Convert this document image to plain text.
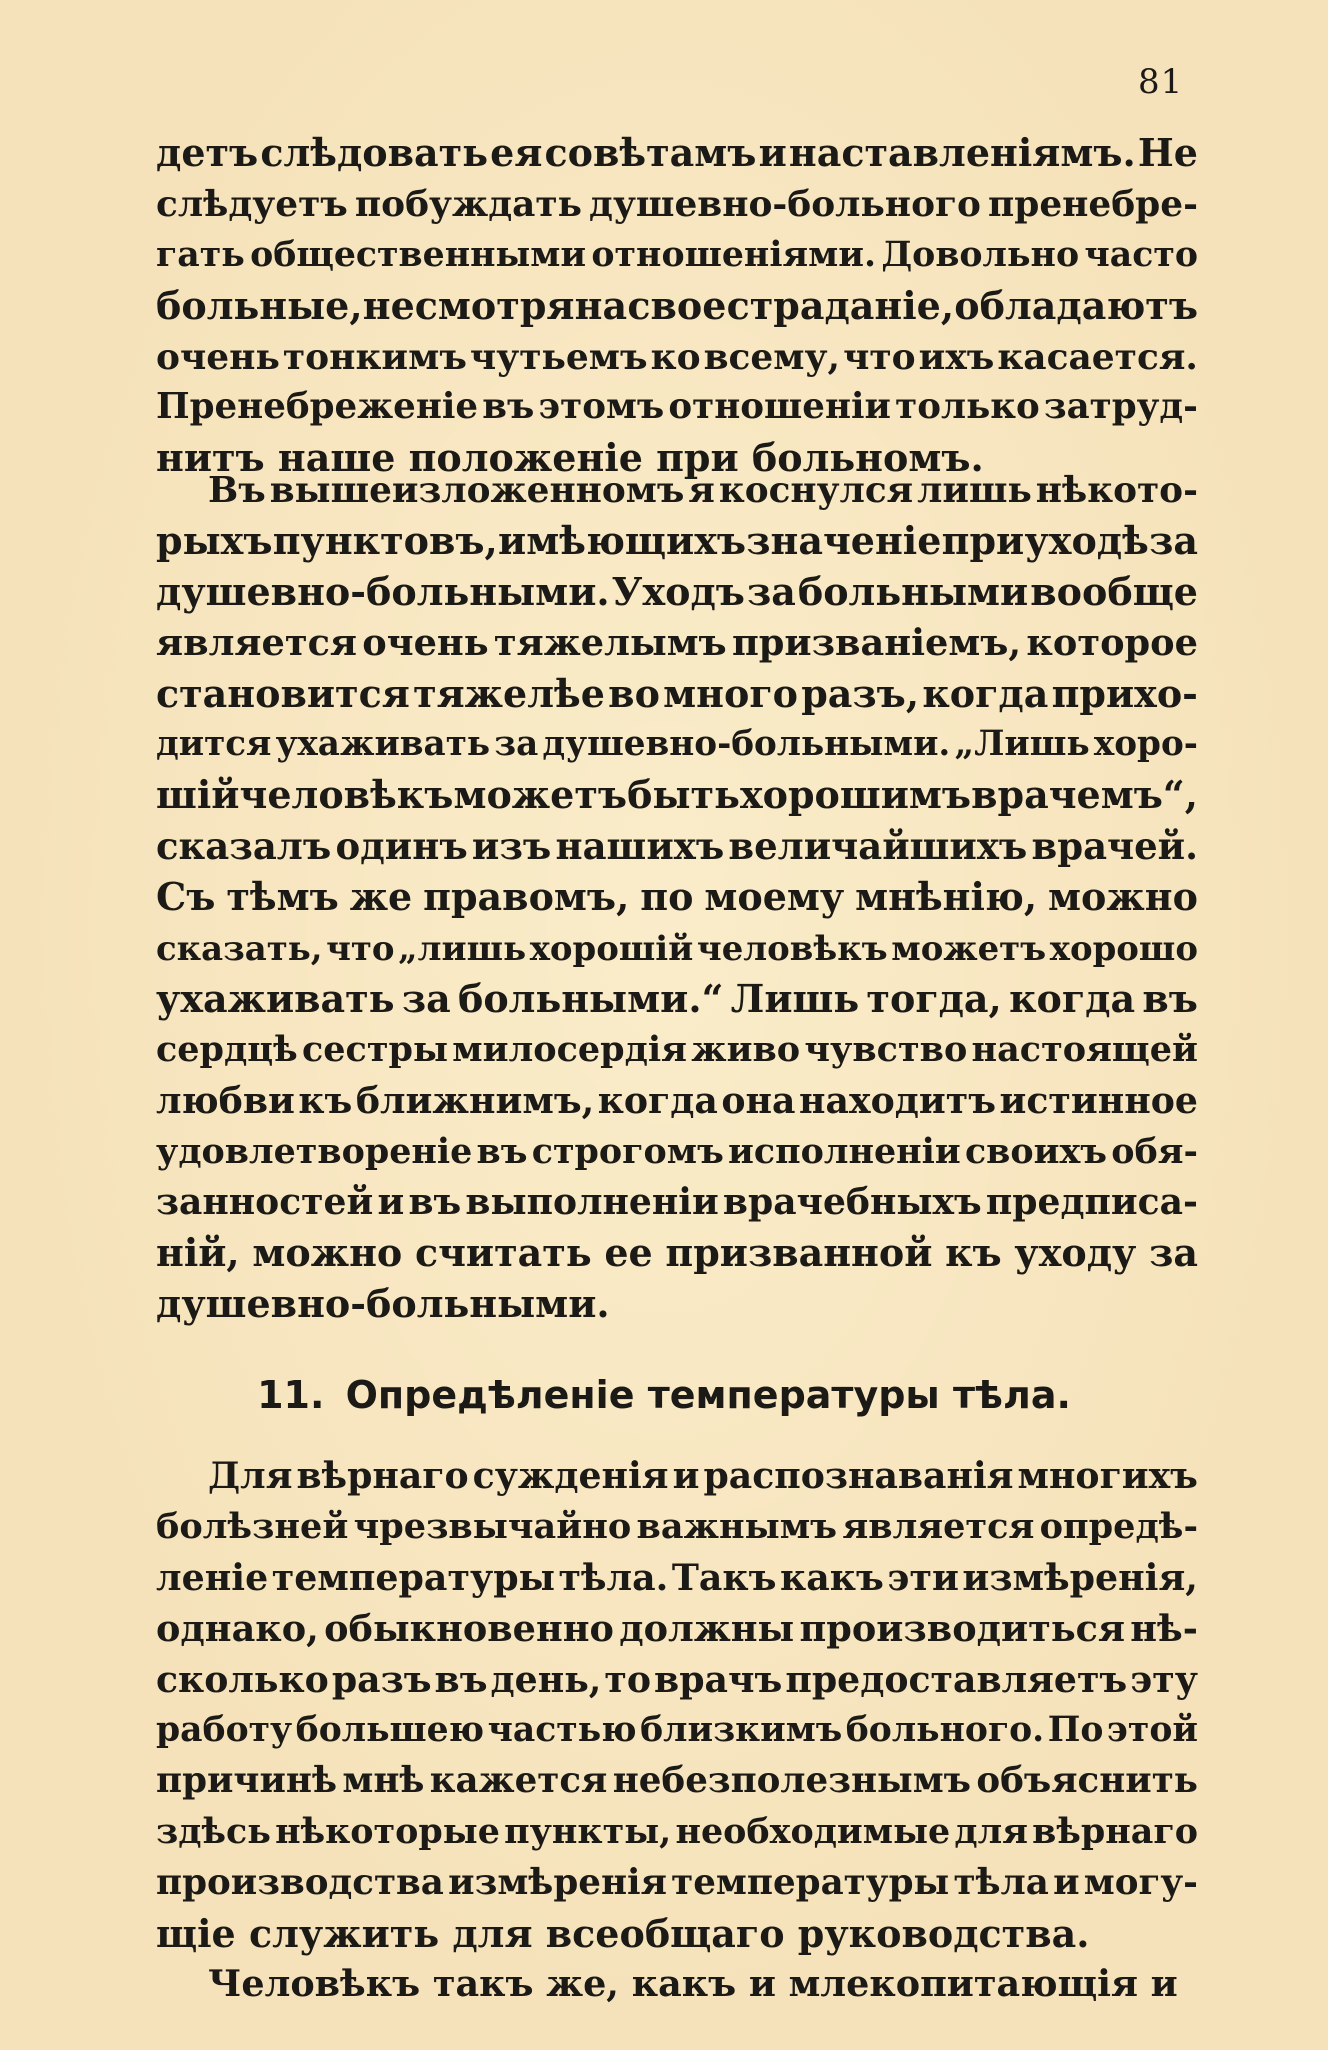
81
детъ слѣдовать ея совѣтамъ и наставленіямъ. Не
слѣдуетъ побуждать душевно-больного пренебре-
гать общественными отношеніями. Довольно часто
больные, несмотря на свое страданіе, обладаютъ
очень тонкимъ чутьемъ ко всему, что ихъ касается.
Пренебреженіе въ этомъ отношеніи только затруд-
нитъ наше положеніе при больномъ.
Въ вышеизложенномъ я коснулся лишь нѣкото-
рыхъ пунктовъ, имѣющихъ значеніе при уходѣ за
душевно-больными. Уходъ за больными вообще
является очень тяжелымъ призваніемъ, которое
становится тяжелѣе во много разъ, когда прихо-
дится ухаживать за душевно-больными. „Лишь хоро-
шій человѣкъ можетъ быть хорошимъ врачемъ“,
сказалъ одинъ изъ нашихъ величайшихъ врачей.
Съ тѣмъ же правомъ, по моему мнѣнію, можно
сказать, что „лишь хорошій человѣкъ можетъ хорошо
ухаживать за больными.“ Лишь тогда, когда въ
сердцѣ сестры милосердія живо чувство настоящей
любви къ ближнимъ, когда она находитъ истинное
удовлетвореніе въ строгомъ исполненіи своихъ обя-
занностей и въ выполненіи врачебныхъ предписа-
ній, можно считать ее призванной къ уходу за
душевно-больными.
11. Опредѣленіе температуры тѣла.
Для вѣрнаго сужденія и распознаванія многихъ
болѣзней чрезвычайно важнымъ является опредѣ-
леніе температуры тѣла. Такъ какъ эти измѣренія,
однако, обыкновенно должны производиться нѣ-
сколько разъ въ день, то врачъ предоставляетъ эту
работу большею частью близкимъ больного. По этой
причинѣ мнѣ кажется небезполезнымъ объяснить
здѣсь нѣкоторые пункты, необходимые для вѣрнаго
производства измѣренія температуры тѣла и могу-
щіе служить для всеобщаго руководства.
Человѣкъ такъ же, какъ и млекопитающія и
